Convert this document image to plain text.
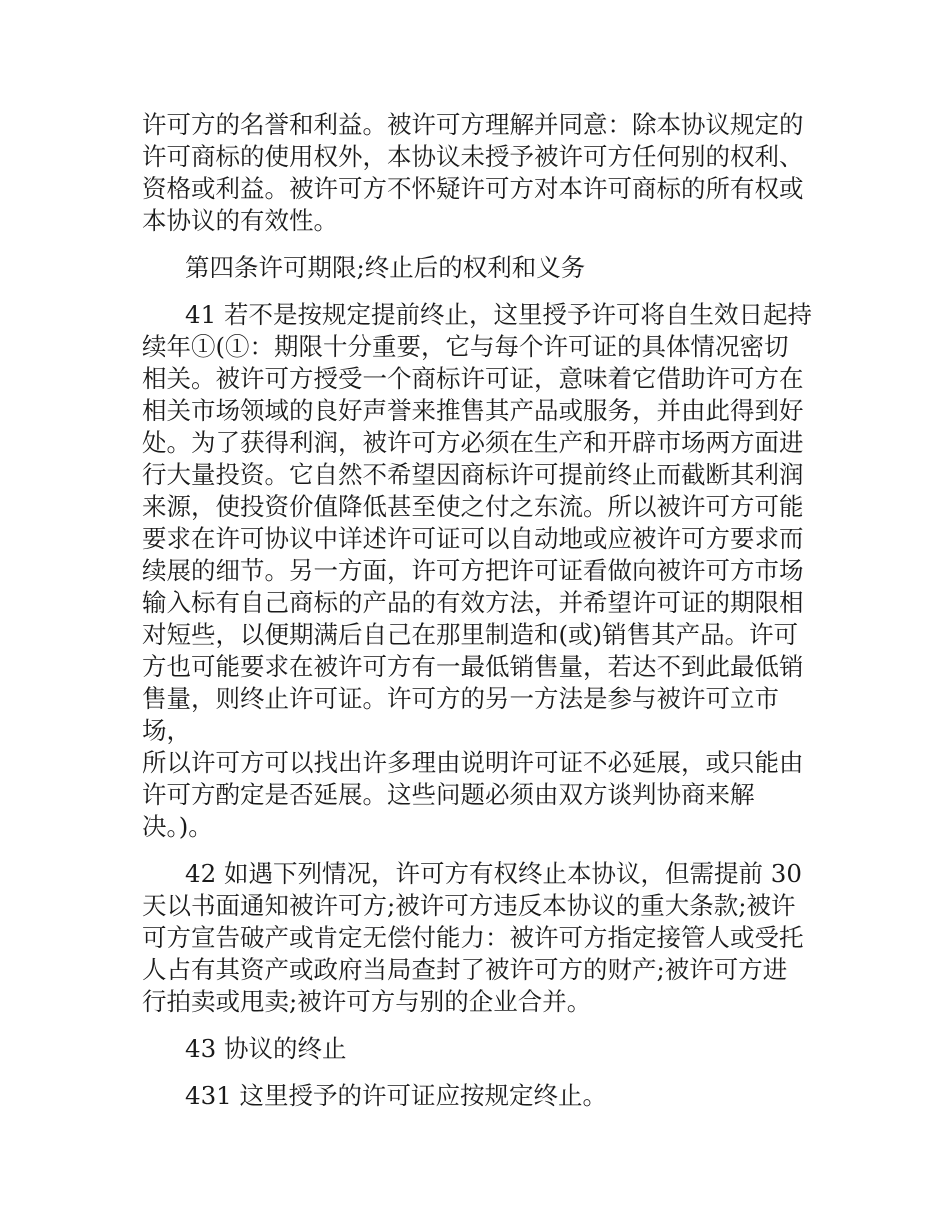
许可方的名誉和利益。被许可方理解并同意：除本协议规定的
许可商标的使用权外，本协议未授予被许可方任何别的权利、
资格或利益。被许可方不怀疑许可方对本许可商标的所有权或
本协议的有效性。

第四条许可期限;终止后的权利和义务

41 若不是按规定提前终止，这里授予许可将自生效日起持
续年①(①：期限十分重要，它与每个许可证的具体情况密切
相关。被许可方授受一个商标许可证，意味着它借助许可方在
相关市场领域的良好声誉来推售其产品或服务，并由此得到好
处。为了获得利润，被许可方必须在生产和开辟市场两方面进
行大量投资。它自然不希望因商标许可提前终止而截断其利润
来源，使投资价值降低甚至使之付之东流。所以被许可方可能
要求在许可协议中详述许可证可以自动地或应被许可方要求而
续展的细节。另一方面，许可方把许可证看做向被许可方市场
输入标有自己商标的产品的有效方法，并希望许可证的期限相
对短些，以便期满后自己在那里制造和(或)销售其产品。许可
方也可能要求在被许可方有一最低销售量，若达不到此最低销
售量，则终止许可证。许可方的另一方法是参与被许可立市场，
所以许可方可以找出许多理由说明许可证不必延展，或只能由
许可方酌定是否延展。这些问题必须由双方谈判协商来解
决。)。

42 如遇下列情况，许可方有权终止本协议，但需提前 30
天以书面通知被许可方;被许可方违反本协议的重大条款;被许
可方宣告破产或肯定无偿付能力：被许可方指定接管人或受托
人占有其资产或政府当局查封了被许可方的财产;被许可方进
行拍卖或甩卖;被许可方与别的企业合并。

43 协议的终止

431 这里授予的许可证应按规定终止。
